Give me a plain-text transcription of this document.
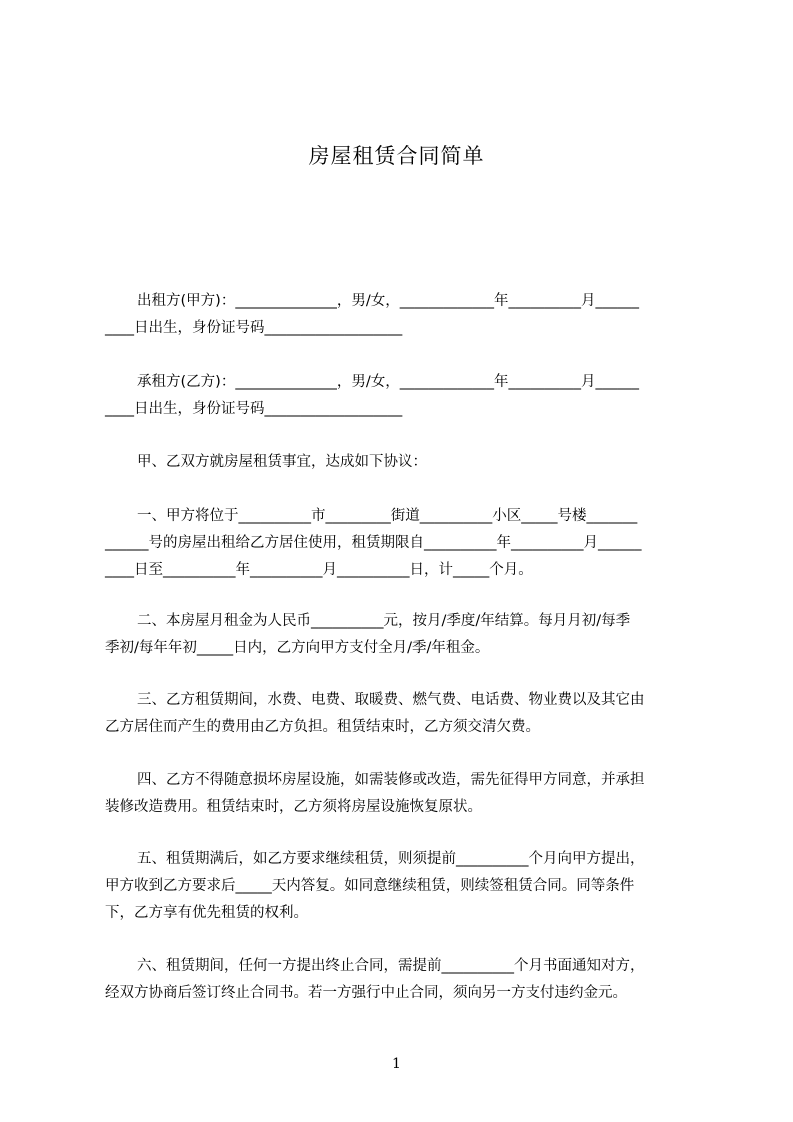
房屋租赁合同简单
出租方(甲方)：______________，男/女，_____________年__________月______
____日出生，身份证号码___________________
承租方(乙方)：______________，男/女，_____________年__________月______
____日出生，身份证号码___________________
甲、乙双方就房屋租赁事宜，达成如下协议：
一、甲方将位于__________市_________街道__________小区_____号楼_______
______号的房屋出租给乙方居住使用，租赁期限自__________年__________月______
____日至__________年__________月__________日，计_____个月。
二、本房屋月租金为人民币__________元，按月/季度/年结算。每月月初/每季
季初/每年年初_____日内，乙方向甲方支付全月/季/年租金。
三、乙方租赁期间，水费、电费、取暖费、燃气费、电话费、物业费以及其它由
乙方居住而产生的费用由乙方负担。租赁结束时，乙方须交清欠费。
四、乙方不得随意损坏房屋设施，如需装修或改造，需先征得甲方同意，并承担
装修改造费用。租赁结束时，乙方须将房屋设施恢复原状。
五、租赁期满后，如乙方要求继续租赁，则须提前__________个月向甲方提出，
甲方收到乙方要求后_____天内答复。如同意继续租赁，则续签租赁合同。同等条件
下，乙方享有优先租赁的权利。
六、租赁期间，任何一方提出终止合同，需提前__________个月书面通知对方，
经双方协商后签订终止合同书。若一方强行中止合同，须向另一方支付违约金元。
1
